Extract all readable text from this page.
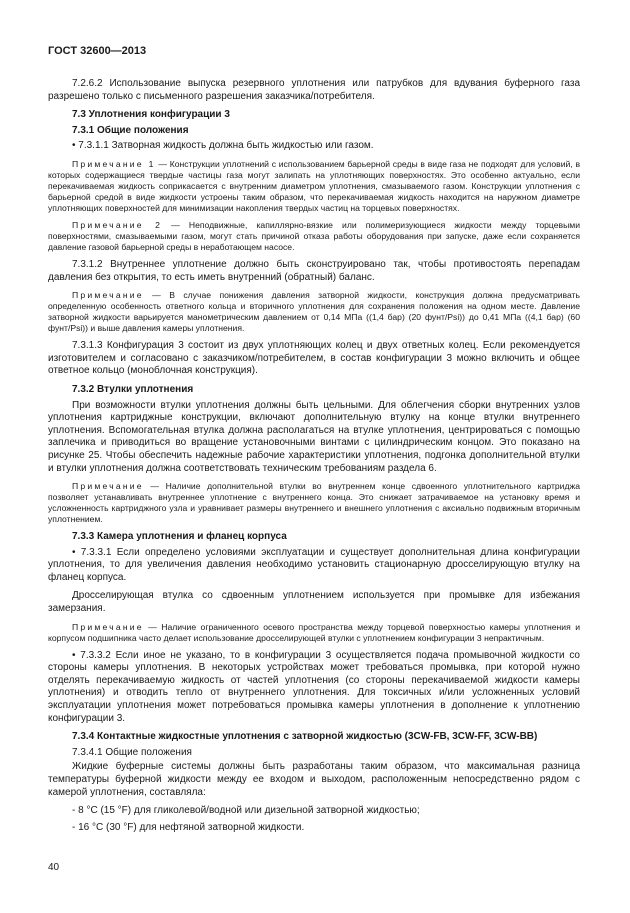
ГОСТ 32600—2013

7.2.6.2 Использование выпуска резервного уплотнения или патрубков для вдувания буферного газа разрешено только с письменного разрешения заказчика/потребителя.

7.3 Уплотнения конфигурации 3
7.3.1 Общие положения

• 7.3.1.1 Затворная жидкость должна быть жидкостью или газом.

Примечание 1 — Конструкции уплотнений с использованием барьерной среды в виде газа не подходят для условий, в которых содержащиеся твердые частицы газа могут залипать на уплотняющих поверхностях. Это особенно актуально, если перекачиваемая жидкость соприкасается с внутренним диаметром уплотнения, смазываемого газом. Конструкции уплотнения с барьерной средой в виде жидкости устроены таким образом, что перекачиваемая жидкость находится на наружном диаметре уплотняющих поверхностей для минимизации накопления твердых частиц на торцевых поверхностях.

Примечание 2 — Неподвижные, капиллярно-вязкие или полимеризующиеся жидкости между торцевыми поверхностями, смазываемыми газом, могут стать причиной отказа работы оборудования при запуске, даже если сохраняется давление газовой барьерной среды в неработающем насосе.

7.3.1.2 Внутреннее уплотнение должно быть сконструировано так, чтобы противостоять перепадам давления без открытия, то есть иметь внутренний (обратный) баланс.

Примечание — В случае понижения давления затворной жидкости, конструкция должна предусматривать определенную особенность ответного кольца и вторичного уплотнения для сохранения положения на одном месте. Давление затворной жидкости варьируется манометрическим давлением от 0,14 МПа ((1,4 бар) (20 фунт/Psi)) до 0,41 МПа ((4,1 бар) (60 фунт/Psi)) и выше давления камеры уплотнения.

7.3.1.3 Конфигурация 3 состоит из двух уплотняющих колец и двух ответных колец. Если рекомендуется изготовителем и согласовано с заказчиком/потребителем, в состав конфигурации 3 можно включить и общее ответное кольцо (моноблочная конструкция).

7.3.2 Втулки уплотнения

При возможности втулки уплотнения должны быть цельными. Для облегчения сборки внутренних узлов уплотнения картриджные конструкции, включают дополнительную втулку на конце втулки внутреннего уплотнения. Вспомогательная втулка должна располагаться на втулке уплотнения, центрироваться с помощью заплечика и приводиться во вращение установочными винтами с цилиндрическим концом. Это показано на рисунке 25. Чтобы обеспечить надежные рабочие характеристики уплотнения, подгонка дополнительной втулки и втулки уплотнения должна соответствовать техническим требованиям раздела 6.

Примечание — Наличие дополнительной втулки во внутреннем конце сдвоенного уплотнительного картриджа позволяет устанавливать внутреннее уплотнение с внутреннего конца. Это снижает затрачиваемое на установку время и усложненность картриджного узла и уравнивает размеры внутреннего и внешнего уплотнения с аксиально подвижным вторичным уплотнением.

7.3.3 Камера уплотнения и фланец корпуса

• 7.3.3.1 Если определено условиями эксплуатации и существует дополнительная длина конфигурации уплотнения, то для увеличения давления необходимо установить стационарную дросселирующую втулку на фланец корпуса.

Дросселирующая втулка со сдвоенным уплотнением используется при промывке для избежания замерзания.

Примечание — Наличие ограниченного осевого пространства между торцевой поверхностью камеры уплотнения и корпусом подшипника часто делает использование дросселирующей втулки с уплотнением конфигурации 3 непрактичным.

• 7.3.3.2 Если иное не указано, то в конфигурации 3 осуществляется подача промывочной жидкости со стороны камеры уплотнения. В некоторых устройствах может требоваться промывка, при которой нужно отделять перекачиваемую жидкость от частей уплотнения (со стороны перекачиваемой жидкости камеры уплотнения) и отводить тепло от внутреннего уплотнения. Для токсичных и/или усложненных условий эксплуатации уплотнения может потребоваться промывка камеры уплотнения в дополнение к уплотнению конфигурации 3.

7.3.4 Контактные жидкостные уплотнения с затворной жидкостью (3CW-FB, 3CW-FF, 3CW-BB)

7.3.4.1 Общие положения

Жидкие буферные системы должны быть разработаны таким образом, что максимальная разница температуры буферной жидкости между ее входом и выходом, расположенным непосредственно рядом с камерой уплотнения, составляла:

- 8 °С (15 °F) для гликолевой/водной или дизельной затворной жидкостью;
- 16 °С (30 °F) для нефтяной затворной жидкости.
40
